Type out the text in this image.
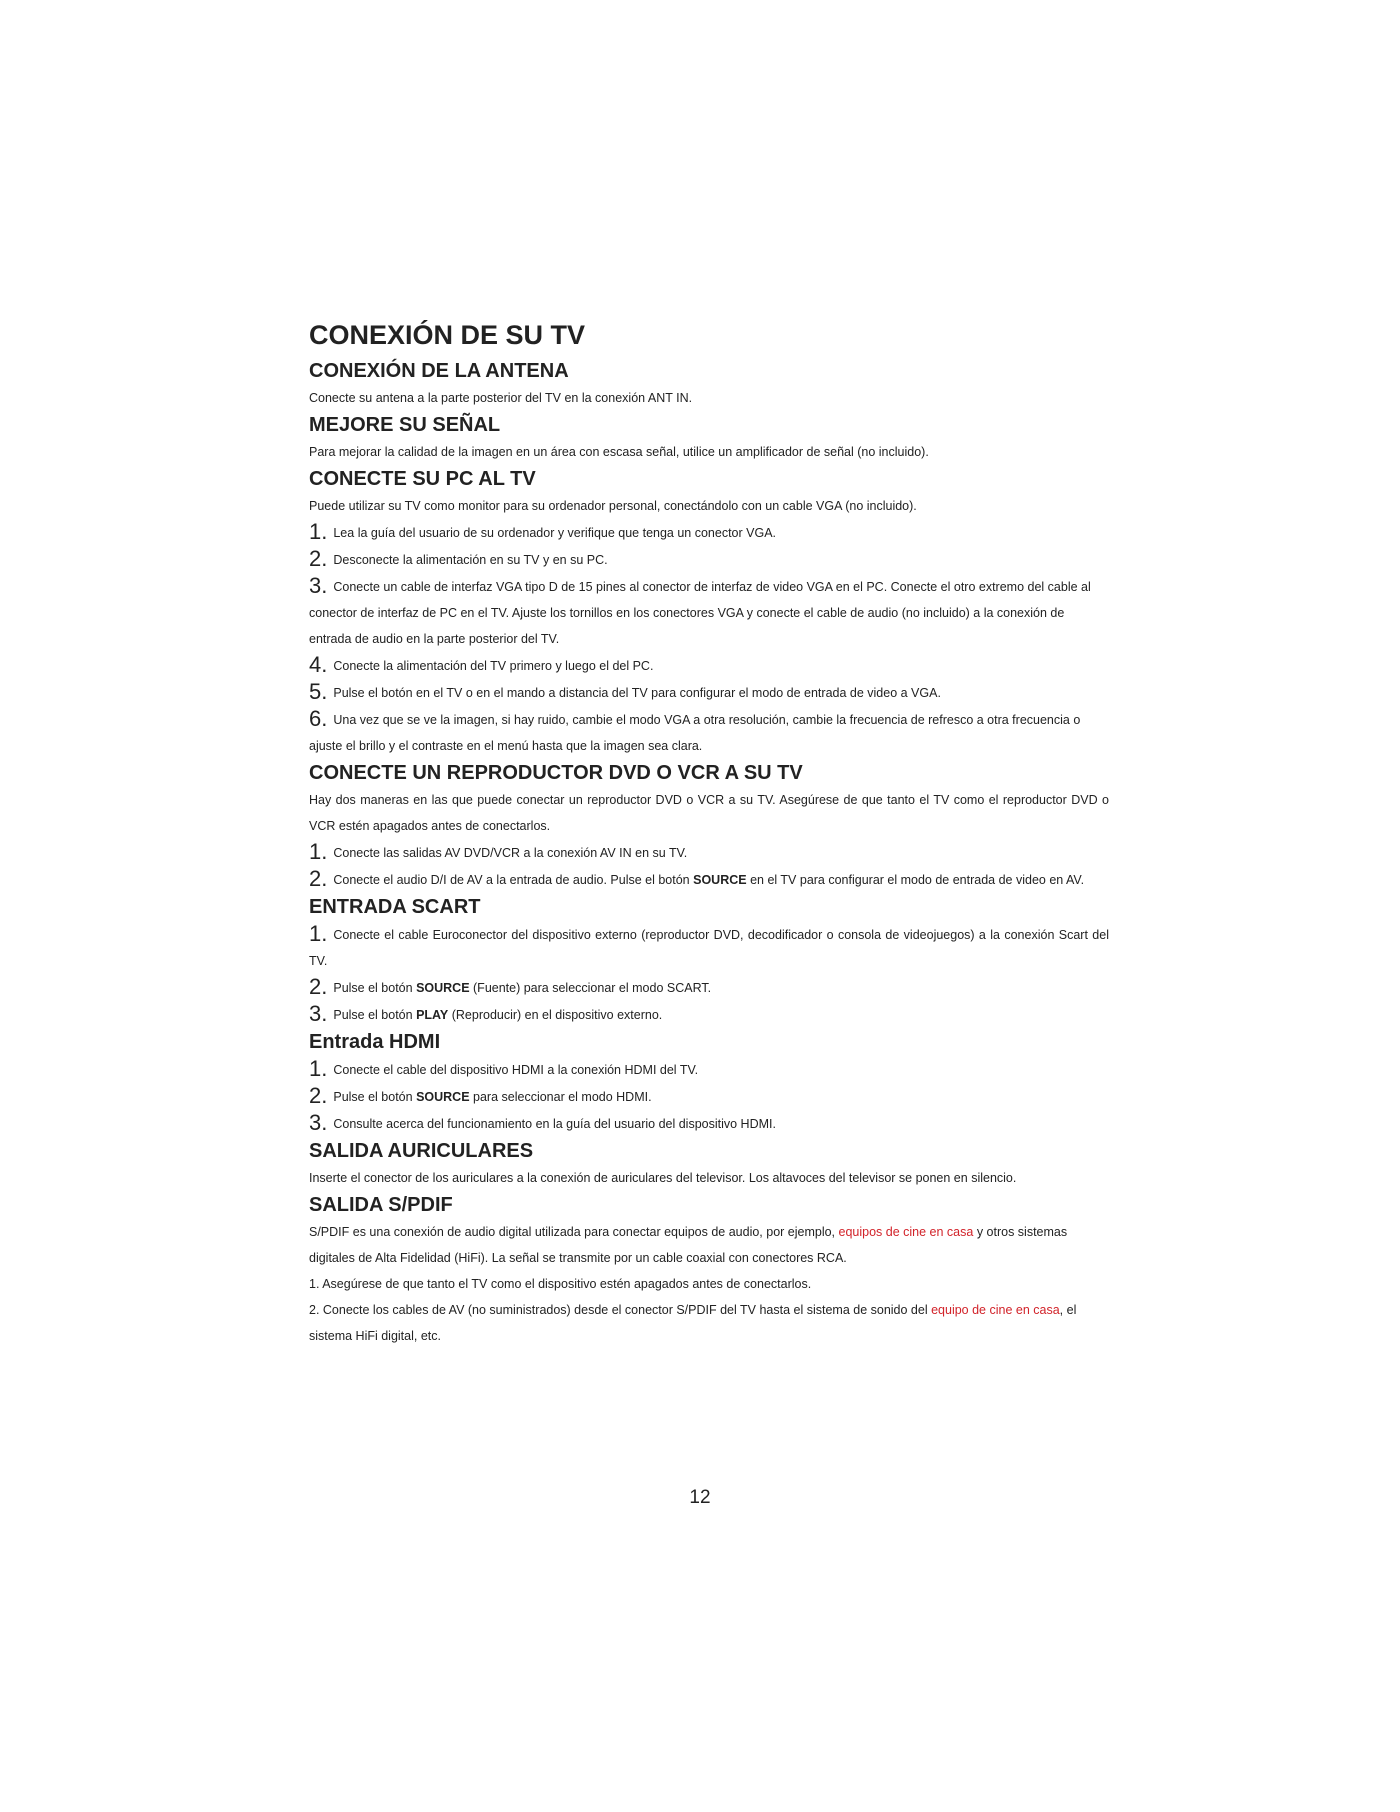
CONEXIÓN DE SU TV
CONEXIÓN DE LA ANTENA

Conecte su antena a la parte posterior del TV en la conexión ANT IN.

MEJORE SU SEÑAL

Para mejorar la calidad de la imagen en un área con escasa señal, utilice un amplificador de señal (no incluido).

CONECTE SU PC AL TV

Puede utilizar su TV como monitor para su ordenador personal, conectándolo con un cable VGA (no incluido).

1. Lea la guía del usuario de su ordenador y verifique que tenga un conector VGA.

2. Desconecte la alimentación en su TV y en su PC.

3. Conecte un cable de interfaz VGA tipo D de 15 pines al conector de interfaz de video VGA en el PC. Conecte el otro extremo del cable al conector de interfaz de PC en el TV. Ajuste los tornillos en los conectores VGA y conecte el cable de audio (no incluido) a la conexión de entrada de audio en la parte posterior del TV.

4. Conecte la alimentación del TV primero y luego el del PC.

5. Pulse el botón en el TV o en el mando a distancia del TV para configurar el modo de entrada de video a VGA.

6. Una vez que se ve la imagen, si hay ruido, cambie el modo VGA a otra resolución, cambie la frecuencia de refresco a otra frecuencia o ajuste el brillo y el contraste en el menú hasta que la imagen sea clara.

CONECTE UN REPRODUCTOR DVD O VCR A SU TV

Hay dos maneras en las que puede conectar un reproductor DVD o VCR a su TV. Asegúrese de que tanto el TV como el reproductor DVD o VCR estén apagados antes de conectarlos.

1. Conecte las salidas AV DVD/VCR a la conexión AV IN en su TV.

2. Conecte el audio D/I de AV a la entrada de audio. Pulse el botón SOURCE en el TV para configurar el modo de entrada de video en AV.

ENTRADA SCART

1. Conecte el cable Euroconector del dispositivo externo (reproductor DVD, decodificador o consola de videojuegos) a la conexión Scart del TV.

2. Pulse el botón SOURCE (Fuente) para seleccionar el modo SCART.

3. Pulse el botón PLAY (Reproducir) en el dispositivo externo.

Entrada HDMI

1. Conecte el cable del dispositivo HDMI a la conexión HDMI del TV.

2. Pulse el botón SOURCE para seleccionar el modo HDMI.

3. Consulte acerca del funcionamiento en la guía del usuario del dispositivo HDMI.

SALIDA AURICULARES

Inserte el conector de los auriculares a la conexión de auriculares del televisor. Los altavoces del televisor se ponen en silencio.

SALIDA S/PDIF

S/PDIF es una conexión de audio digital utilizada para conectar equipos de audio, por ejemplo, equipos de cine en casa y otros sistemas digitales de Alta Fidelidad (HiFi). La señal se transmite por un cable coaxial con conectores RCA.

1. Asegúrese de que tanto el TV como el dispositivo estén apagados antes de conectarlos.

2. Conecte los cables de AV (no suministrados) desde el conector S/PDIF del TV hasta el sistema de sonido del equipo de cine en casa, el sistema HiFi digital, etc.

12
